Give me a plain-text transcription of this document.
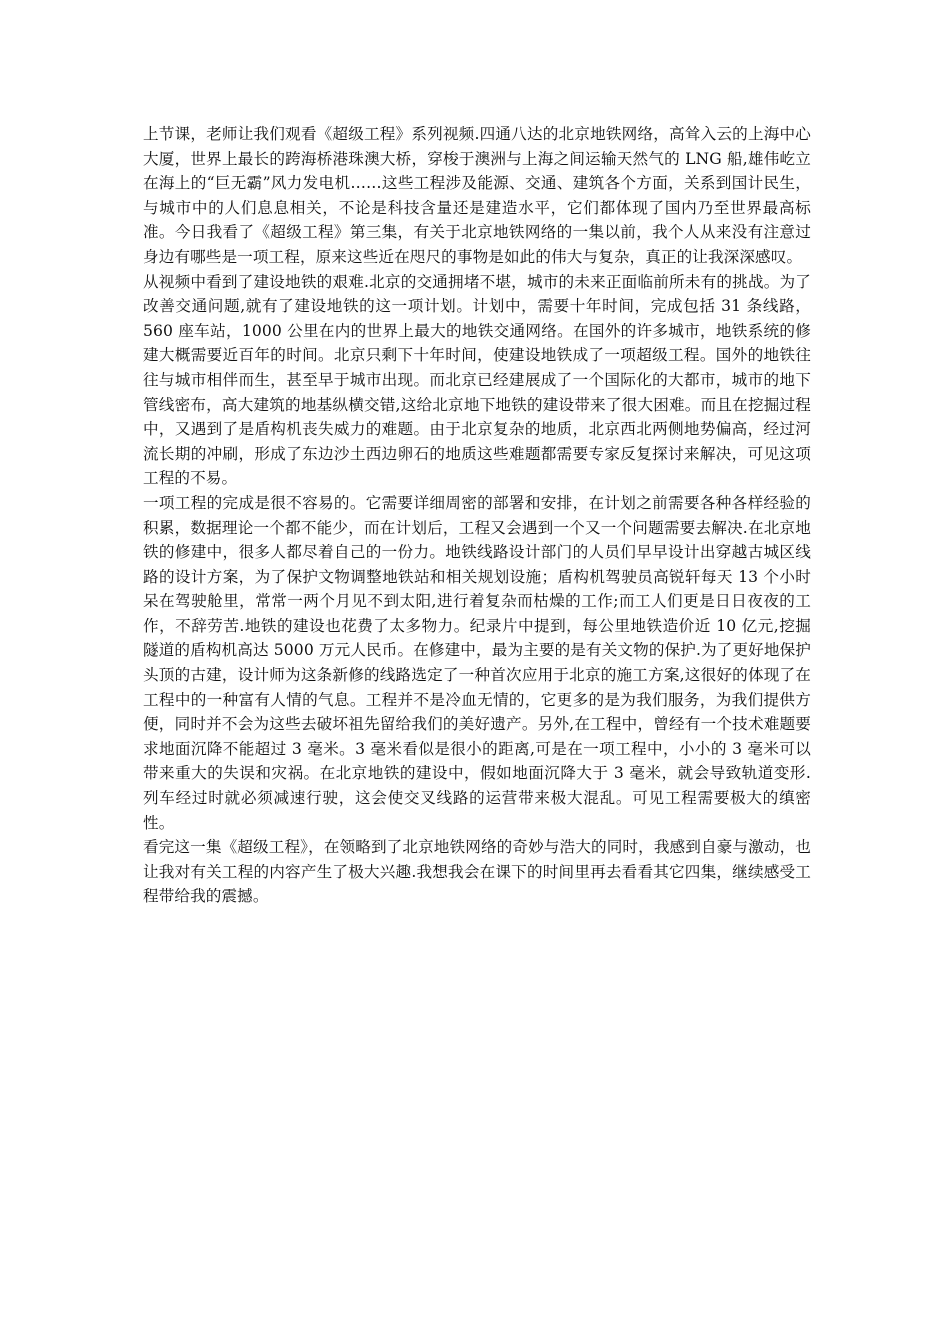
上节课，老师让我们观看《超级工程》系列视频.四通八达的北京地铁网络，高耸入云的上海中心大厦，世界上最长的跨海桥港珠澳大桥，穿梭于澳洲与上海之间运输天然气的 LNG 船,雄伟屹立在海上的“巨无霸”风力发电机……这些工程涉及能源、交通、建筑各个方面，关系到国计民生，与城市中的人们息息相关，不论是科技含量还是建造水平，它们都体现了国内乃至世界最高标准。今日我看了《超级工程》第三集，有关于北京地铁网络的一集以前，我个人从来没有注意过身边有哪些是一项工程，原来这些近在咫尺的事物是如此的伟大与复杂，真正的让我深深感叹。

从视频中看到了建设地铁的艰难.北京的交通拥堵不堪，城市的未来正面临前所未有的挑战。为了改善交通问题,就有了建设地铁的这一项计划。计划中，需要十年时间，完成包括 31 条线路，560 座车站，1000 公里在内的世界上最大的地铁交通网络。在国外的许多城市，地铁系统的修建大概需要近百年的时间。北京只剩下十年时间，使建设地铁成了一项超级工程。国外的地铁往往与城市相伴而生，甚至早于城市出现。而北京已经建展成了一个国际化的大都市，城市的地下管线密布，高大建筑的地基纵横交错,这给北京地下地铁的建设带来了很大困难。而且在挖掘过程中，又遇到了是盾构机丧失威力的难题。由于北京复杂的地质，北京西北两侧地势偏高，经过河流长期的冲刷，形成了东边沙土西边卵石的地质这些难题都需要专家反复探讨来解决，可见这项工程的不易。

一项工程的完成是很不容易的。它需要详细周密的部署和安排，在计划之前需要各种各样经验的积累，数据理论一个都不能少，而在计划后，工程又会遇到一个又一个问题需要去解决.在北京地铁的修建中，很多人都尽着自己的一份力。地铁线路设计部门的人员们早早设计出穿越古城区线路的设计方案，为了保护文物调整地铁站和相关规划设施；盾构机驾驶员高锐轩每天 13 个小时呆在驾驶舱里，常常一两个月见不到太阳,进行着复杂而枯燥的工作;而工人们更是日日夜夜的工作，不辞劳苦.地铁的建设也花费了太多物力。纪录片中提到，每公里地铁造价近 10 亿元,挖掘隧道的盾构机高达 5000 万元人民币。在修建中，最为主要的是有关文物的保护.为了更好地保护头顶的古建，设计师为这条新修的线路选定了一种首次应用于北京的施工方案,这很好的体现了在工程中的一种富有人情的气息。工程并不是冷血无情的，它更多的是为我们服务，为我们提供方便，同时并不会为这些去破坏祖先留给我们的美好遗产。另外,在工程中，曾经有一个技术难题要求地面沉降不能超过 3 毫米。3 毫米看似是很小的距离,可是在一项工程中，小小的 3 毫米可以带来重大的失误和灾祸。在北京地铁的建设中，假如地面沉降大于 3 毫米，就会导致轨道变形.列车经过时就必须减速行驶，这会使交叉线路的运营带来极大混乱。可见工程需要极大的缜密性。

看完这一集《超级工程》，在领略到了北京地铁网络的奇妙与浩大的同时，我感到自豪与激动，也让我对有关工程的内容产生了极大兴趣.我想我会在课下的时间里再去看看其它四集，继续感受工程带给我的震撼。
